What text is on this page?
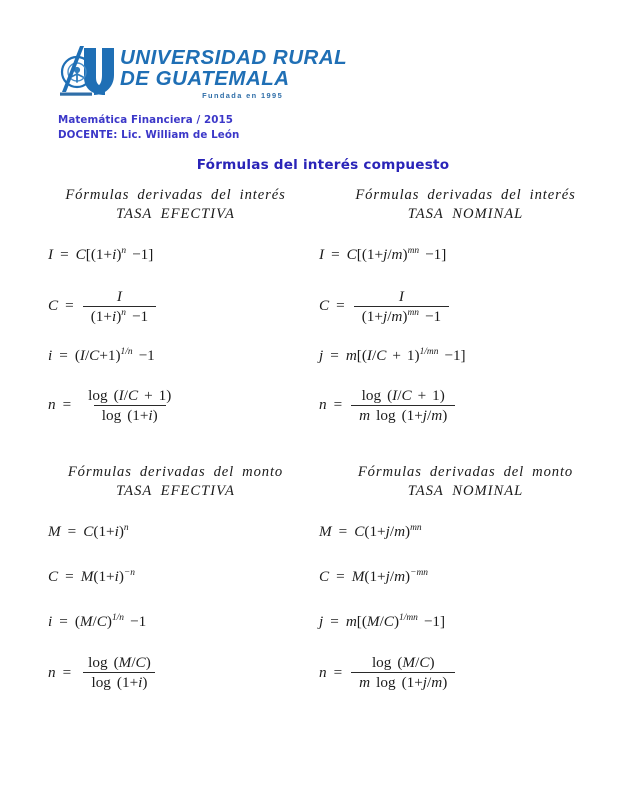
UNIVERSIDAD RURAL
DE GUATEMALA
Fundada en 1995
Matemática Financiera / 2015
DOCENTE: Lic. William de León
Fórmulas del interés compuesto
Fórmulas derivadas del interés
TASA EFECTIVA
$I = C[(1+i)^n -1]$
$C = \frac{I}{(1+i)^n -1}$
$i = (I/C+1)^{1/n} -1$
$n = \frac{\log (I/C + 1)}{\log (1+i)}$
Fórmulas derivadas del interés
TASA NOMINAL
$I = C[(1+j/m)^{mn} -1]$
$C = \frac{I}{(1+j/m)^{mn} -1}$
$j = m[(I/C + 1)^{1/mn} -1]$
$n = \frac{\log (I/C + 1)}{\text{m log (1+j/m)}}$
Fórmulas derivadas del monto
TASA EFECTIVA
$M = C(1+i)^n$
$C = M(1+i)^{-n}$
$i = (M/C)^{1/n} -1$
$n = \frac{\log (M/C)}{\log (1+i)}$
Fórmulas derivadas del monto
TASA NOMINAL
$M = C(1+j/m)^{mn}$
$C = M(1+j/m)^{-mn}$
$j = m[(M/C)^{1/mn} -1]$
$n = \frac{\log (M/C)}{\text{m log (1+j/m)}}$
